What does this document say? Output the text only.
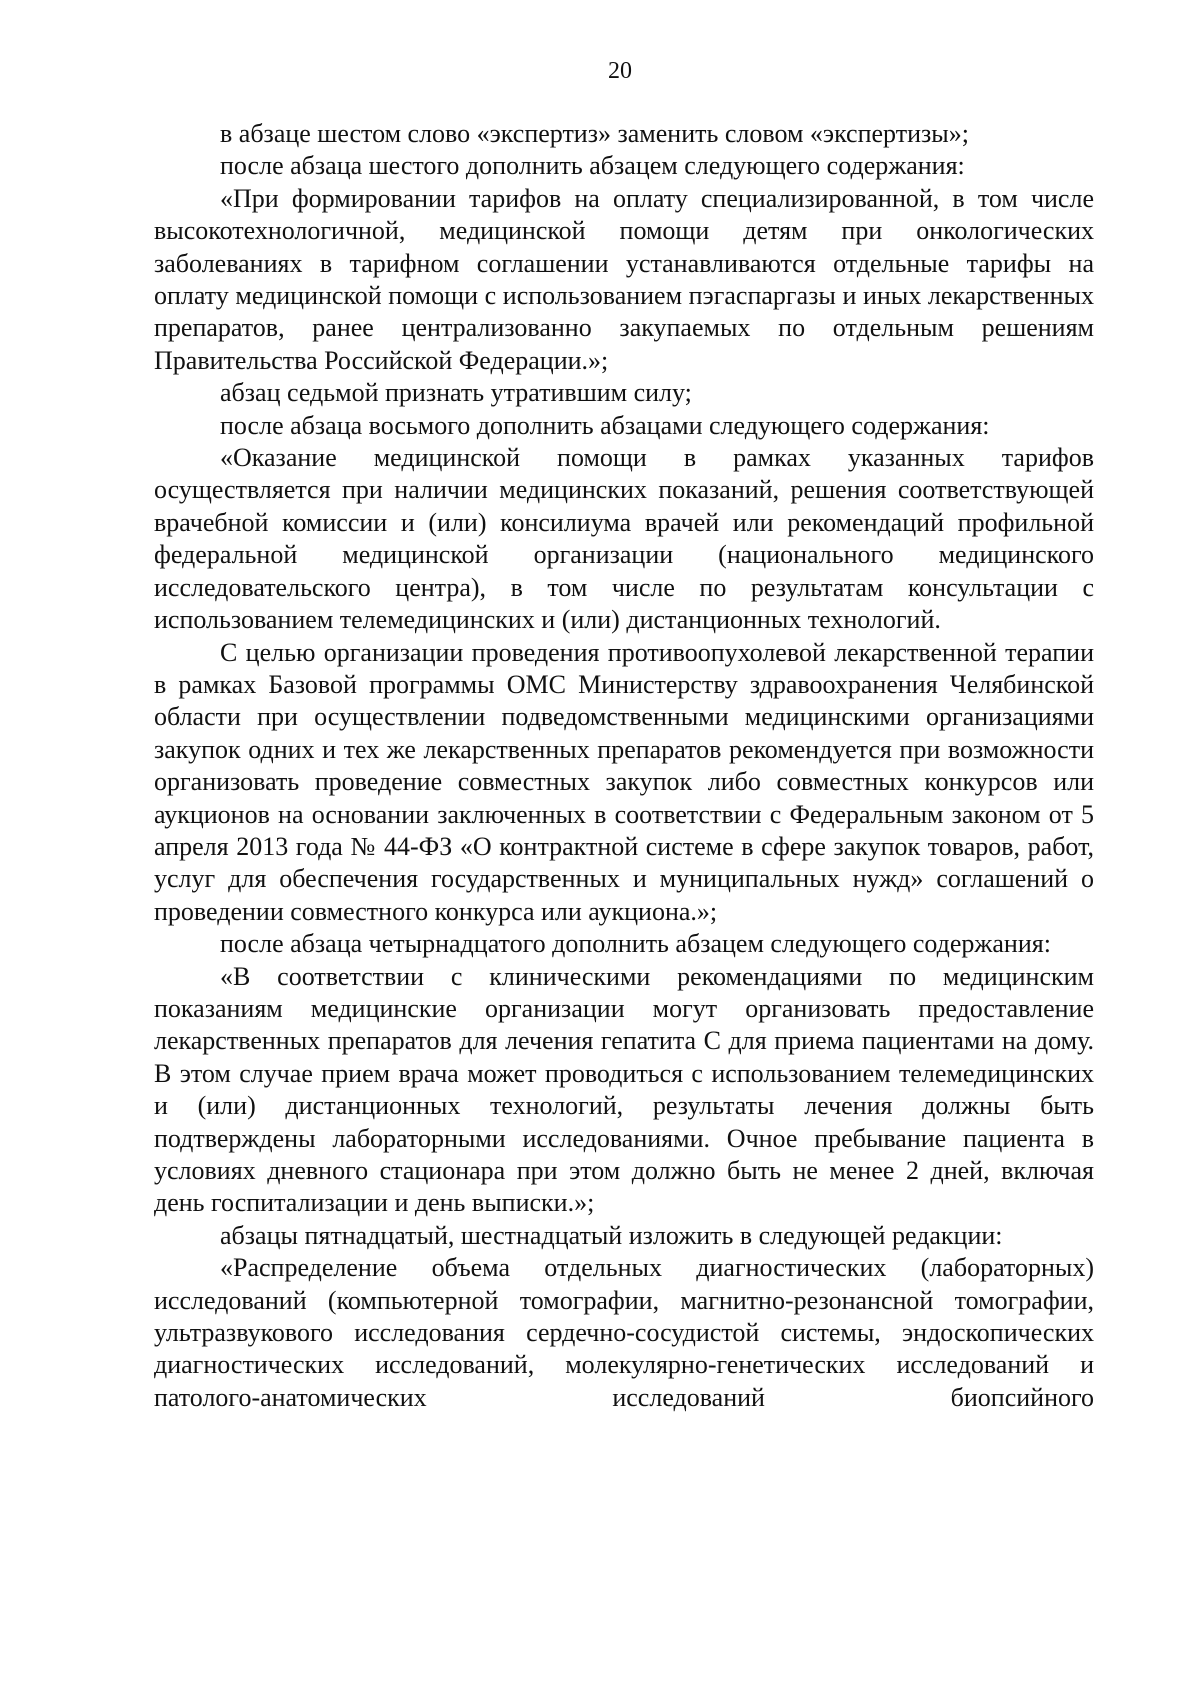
20

в абзаце шестом слово «экспертиз» заменить словом «экспертизы»;

после абзаца шестого дополнить абзацем следующего содержания:

«При формировании тарифов на оплату специализированной, в том числе высокотехнологичной, медицинской помощи детям при онкологических заболеваниях в тарифном соглашении устанавливаются отдельные тарифы на оплату медицинской помощи с использованием пэгаспаргазы и иных лекарственных препаратов, ранее централизованно закупаемых по отдельным решениям Правительства Российской Федерации.»;

абзац седьмой признать утратившим силу;

после абзаца восьмого дополнить абзацами следующего содержания:

«Оказание медицинской помощи в рамках указанных тарифов осуществляется при наличии медицинских показаний, решения соответствующей врачебной комиссии и (или) консилиума врачей или рекомендаций профильной федеральной медицинской организации (национального медицинского исследовательского центра), в том числе по результатам консультации с использованием телемедицинских и (или) дистанционных технологий.

С целью организации проведения противоопухолевой лекарственной терапии в рамках Базовой программы ОМС Министерству здравоохранения Челябинской области при осуществлении подведомственными медицинскими организациями закупок одних и тех же лекарственных препаратов рекомендуется при возможности организовать проведение совместных закупок либо совместных конкурсов или аукционов на основании заключенных в соответствии с Федеральным законом от 5 апреля 2013 года № 44-ФЗ «О контрактной системе в сфере закупок товаров, работ, услуг для обеспечения государственных и муниципальных нужд» соглашений о проведении совместного конкурса или аукциона.»;

после абзаца четырнадцатого дополнить абзацем следующего содержания:

«В соответствии с клиническими рекомендациями по медицинским показаниям медицинские организации могут организовать предоставление лекарственных препаратов для лечения гепатита С для приема пациентами на дому. В этом случае прием врача может проводиться с использованием телемедицинских и (или) дистанционных технологий, результаты лечения должны быть подтверждены лабораторными исследованиями. Очное пребывание пациента в условиях дневного стационара при этом должно быть не менее 2 дней, включая день госпитализации и день выписки.»;

абзацы пятнадцатый, шестнадцатый изложить в следующей редакции:

«Распределение объема отдельных диагностических (лабораторных) исследований (компьютерной томографии, магнитно-резонансной томографии, ультразвукового исследования сердечно-сосудистой системы, эндоскопических диагностических исследований, молекулярно-генетических исследований и патолого-анатомических исследований биопсийного
